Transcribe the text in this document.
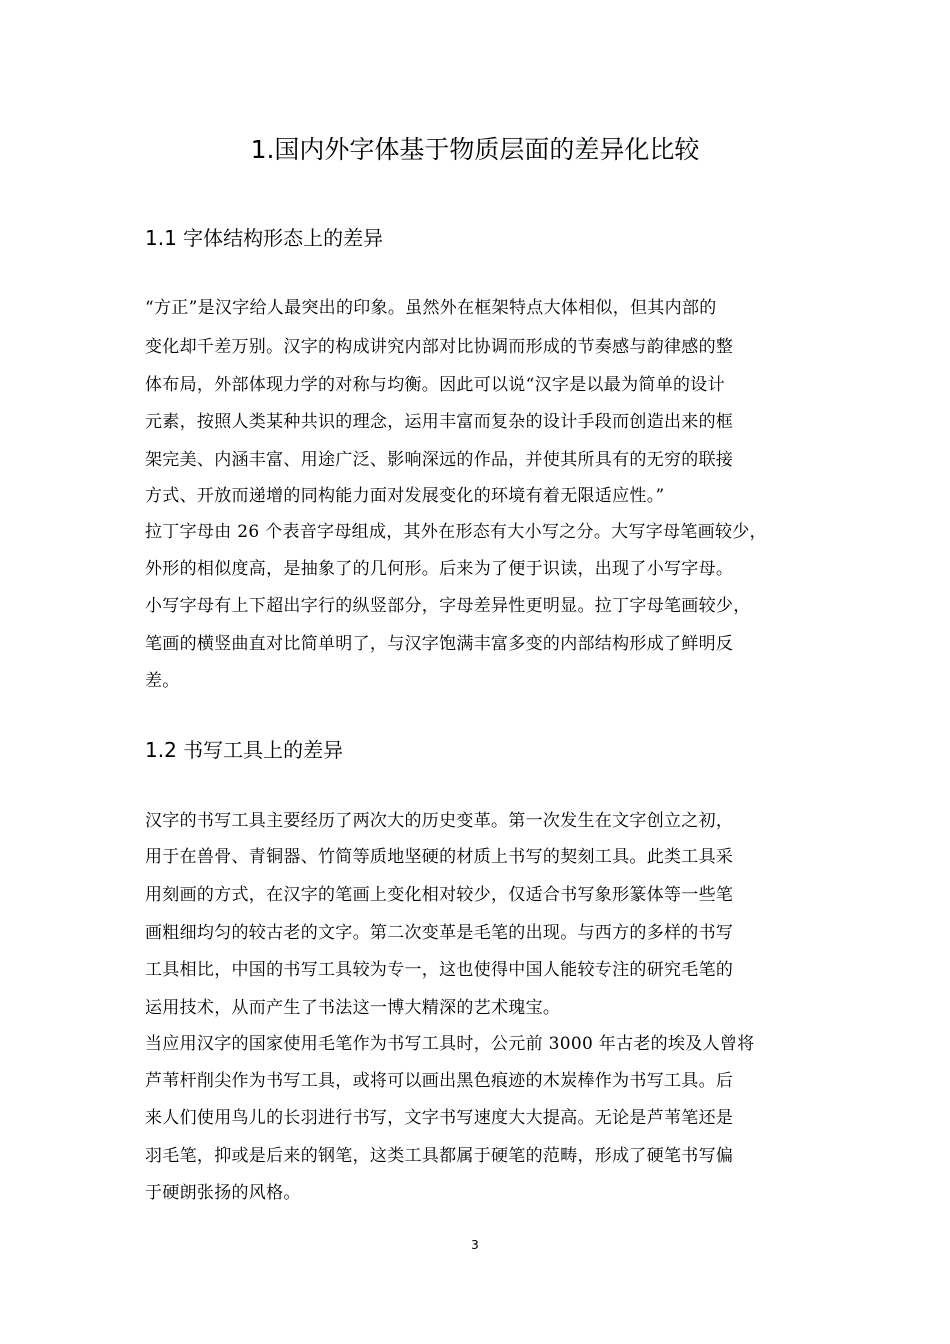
1.国内外字体基于物质层面的差异化比较
1.1 字体结构形态上的差异
“方正”是汉字给人最突出的印象。虽然外在框架特点大体相似，但其内部的
变化却千差万别。汉字的构成讲究内部对比协调而形成的节奏感与韵律感的整
体布局，外部体现力学的对称与均衡。因此可以说“汉字是以最为简单的设计
元素，按照人类某种共识的理念，运用丰富而复杂的设计手段而创造出来的框
架完美、内涵丰富、用途广泛、影响深远的作品，并使其所具有的无穷的联接
方式、开放而递增的同构能力面对发展变化的环境有着无限适应性。”
拉丁字母由 26 个表音字母组成，其外在形态有大小写之分。大写字母笔画较少，
外形的相似度高，是抽象了的几何形。后来为了便于识读，出现了小写字母。
小写字母有上下超出字行的纵竖部分，字母差异性更明显。拉丁字母笔画较少，
笔画的横竖曲直对比简单明了，与汉字饱满丰富多变的内部结构形成了鲜明反
差。
1.2 书写工具上的差异
汉字的书写工具主要经历了两次大的历史变革。第一次发生在文字创立之初，
用于在兽骨、青铜器、竹简等质地坚硬的材质上书写的契刻工具。此类工具采
用刻画的方式，在汉字的笔画上变化相对较少，仅适合书写象形篆体等一些笔
画粗细均匀的较古老的文字。第二次变革是毛笔的出现。与西方的多样的书写
工具相比，中国的书写工具较为专一，这也使得中国人能较专注的研究毛笔的
运用技术，从而产生了书法这一博大精深的艺术瑰宝。
当应用汉字的国家使用毛笔作为书写工具时，公元前 3000 年古老的埃及人曾将
芦苇杆削尖作为书写工具，或将可以画出黑色痕迹的木炭棒作为书写工具。后
来人们使用鸟儿的长羽进行书写，文字书写速度大大提高。无论是芦苇笔还是
羽毛笔，抑或是后来的钢笔，这类工具都属于硬笔的范畴，形成了硬笔书写偏
于硬朗张扬的风格。
3
